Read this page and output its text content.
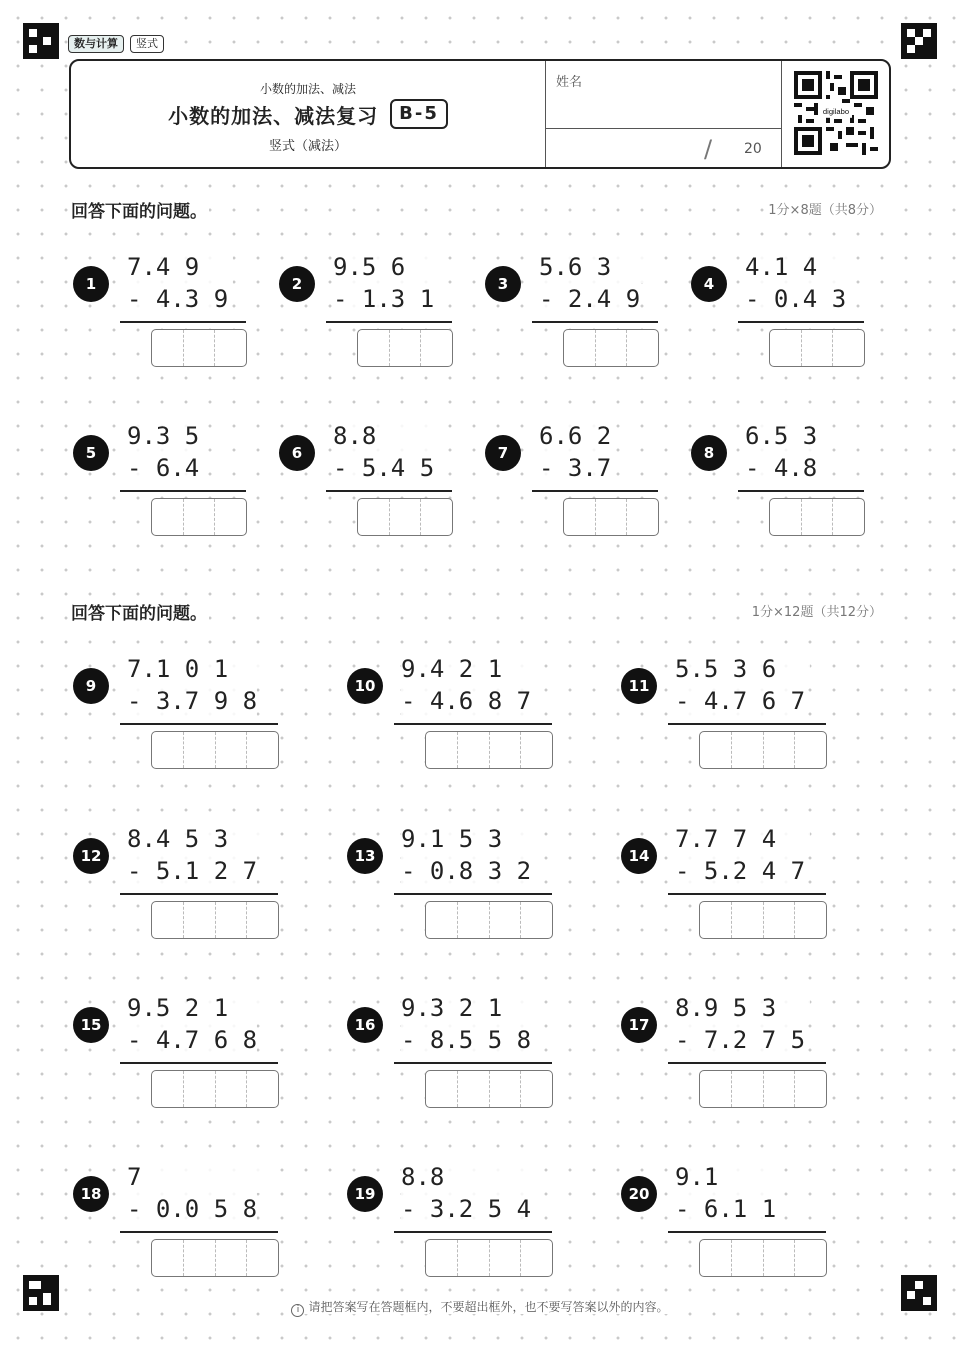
数与计算	竖式
小数的加法、减法
小数的加法、减法复习	B-5
竖式（减法）
姓名
/ 20
digilabo
回答下面的问题。	1分×8题（共8分）
回答下面的问题。	1分×12题（共12分）
1
7.4 9
- 4.3 9
2
9.5 6
- 1.3 1
3
5.6 3
- 2.4 9
4
4.1 4
- 0.4 3
5
9.3 5
- 6.4
6
8.8
- 5.4 5
7
6.6 2
- 3.7
8
6.5 3
- 4.8
9
7.1 0 1
- 3.7 9 8
10
9.4 2 1
- 4.6 8 7
11
5.5 3 6
- 4.7 6 7
12
8.4 5 3
- 5.1 2 7
13
9.1 5 3
- 0.8 3 2
14
7.7 7 4
- 5.2 4 7
15
9.5 2 1
- 4.7 6 8
16
9.3 2 1
- 8.5 5 8
17
8.9 5 3
- 7.2 7 5
18
7
- 0.0 5 8
19
8.8
- 3.2 5 4
20
9.1
- 6.1 1
i 请把答案写在答题框内，不要超出框外，也不要写答案以外的内容。
